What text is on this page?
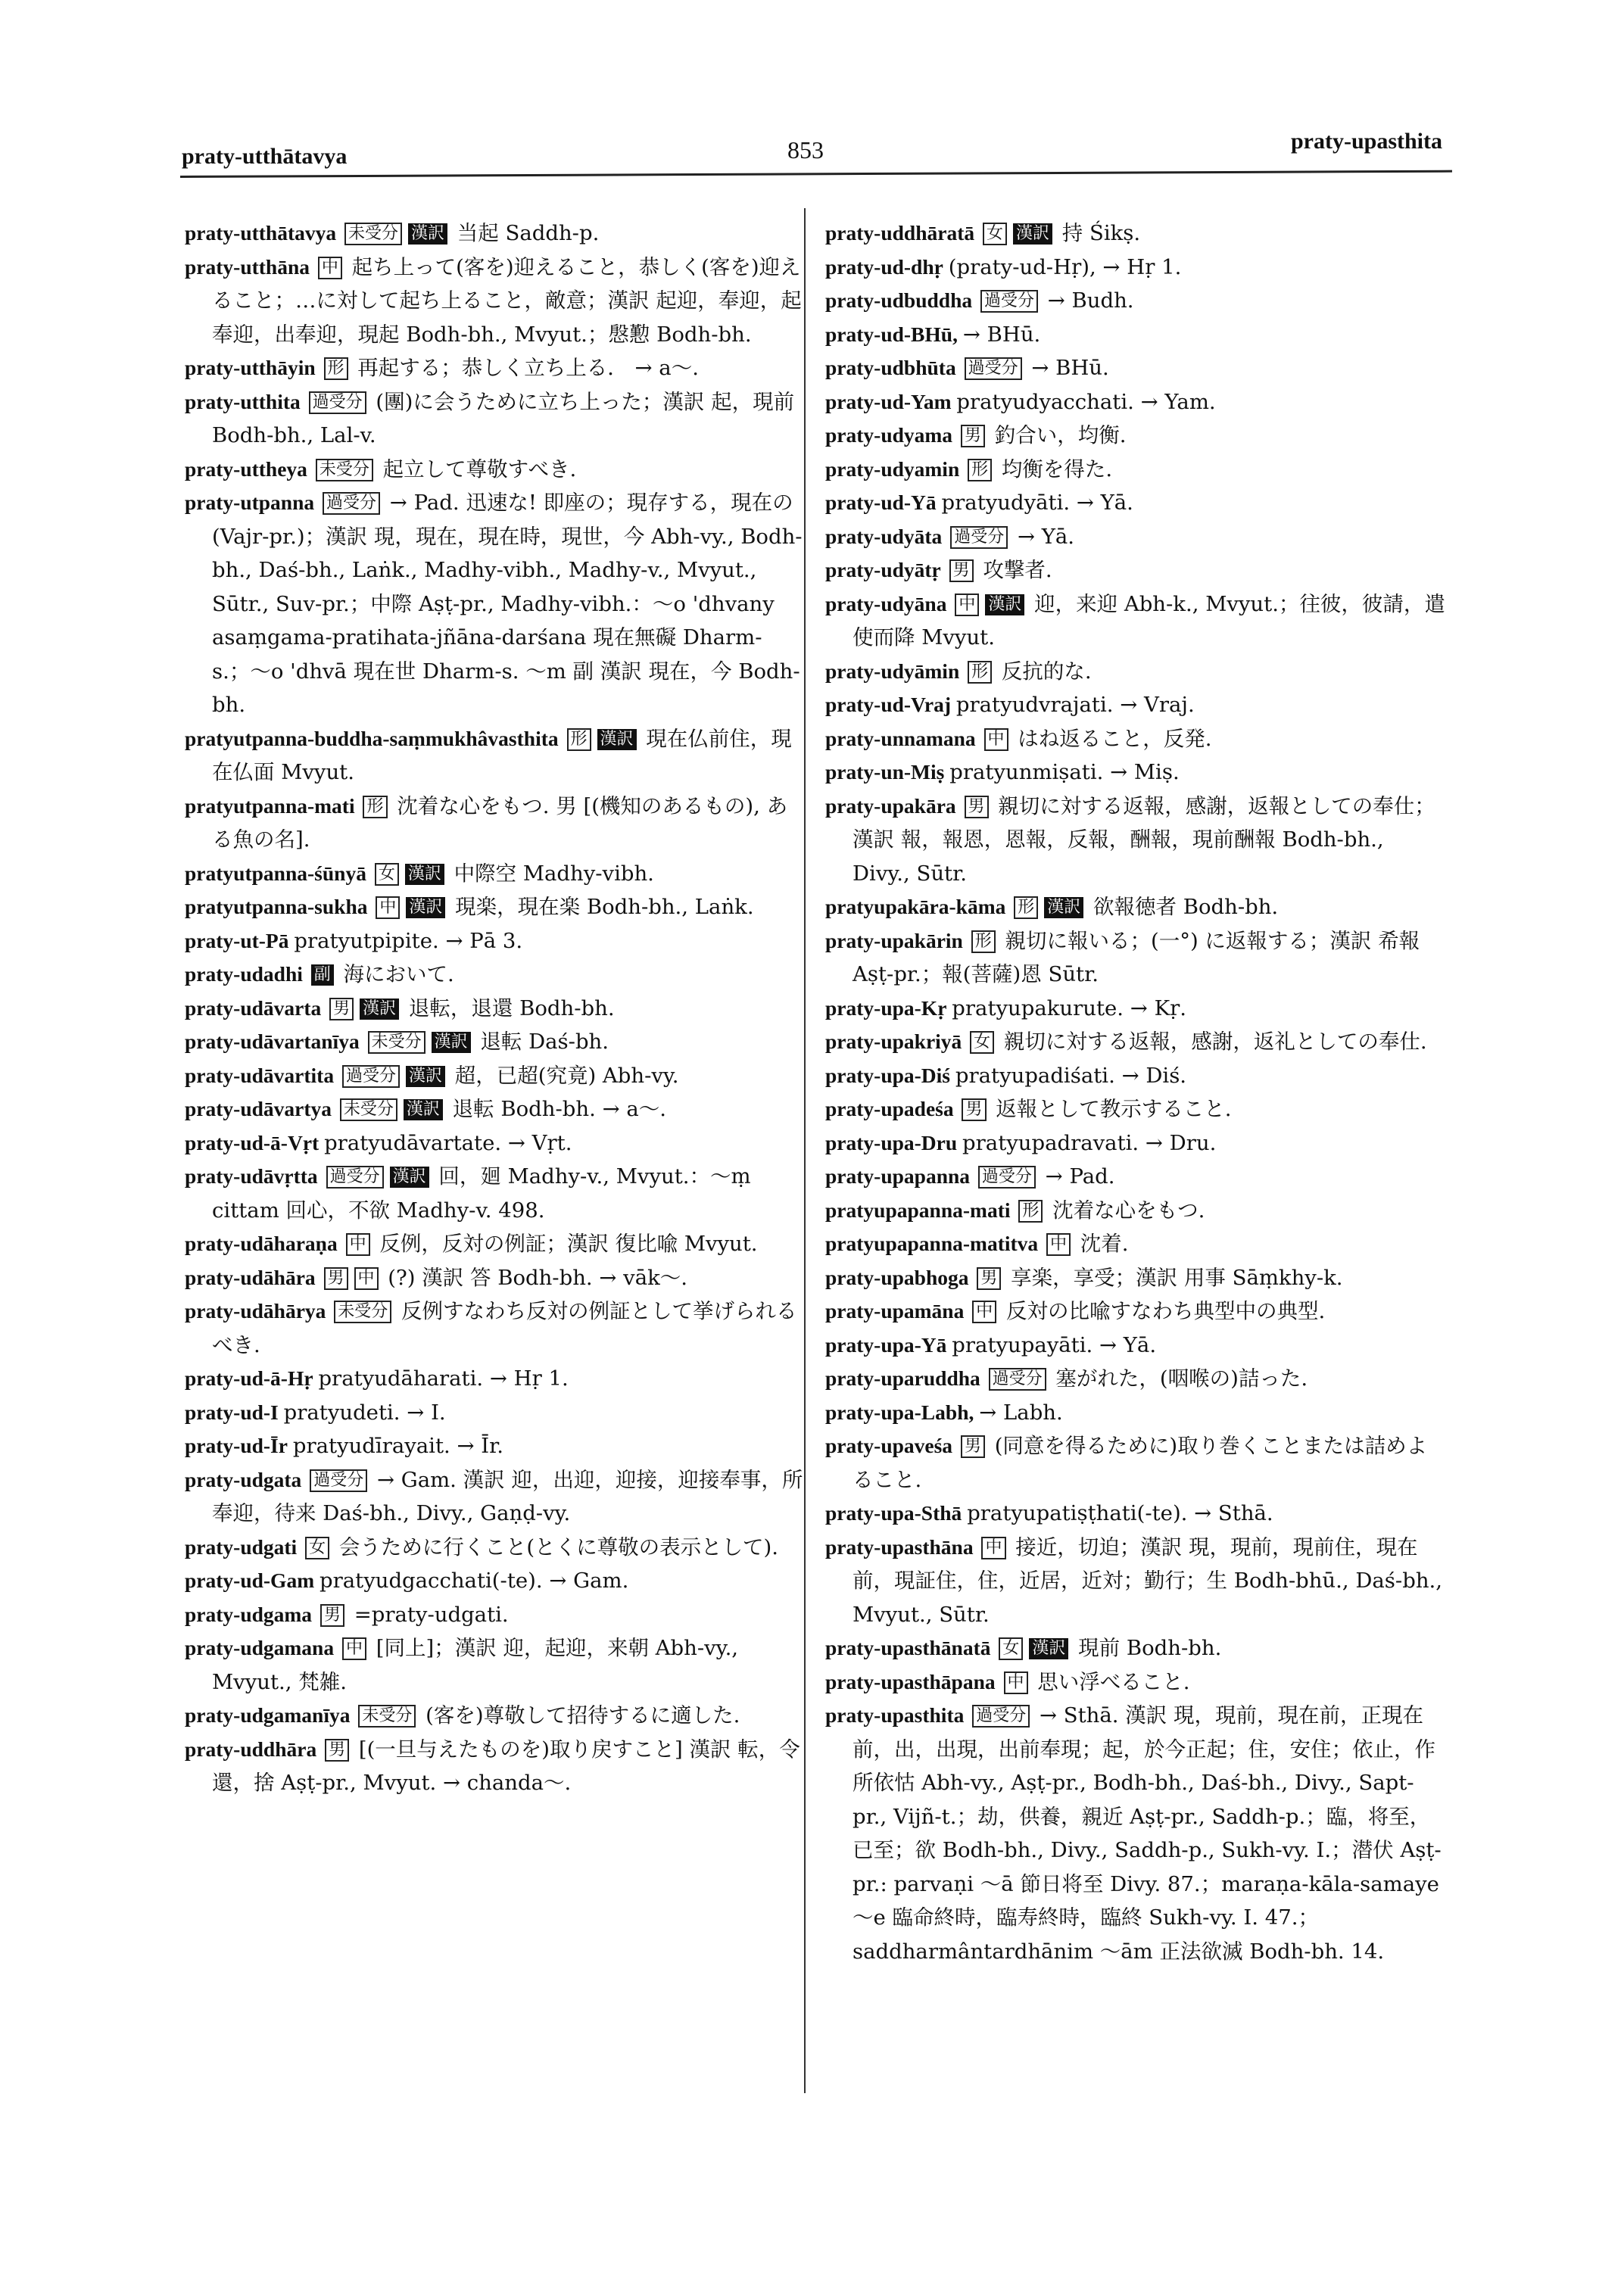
praty-utthātavya	853	praty-upasthita

praty-utthātavya 未受分 漢訳 当起 Saddh-p.

praty-utthāna 中 起ち上って(客を)迎えること，恭しく(客を)迎えること；…に対して起ち上ること，敵意；漢訳 起迎，奉迎，起奉迎，出奉迎，現起 Bodh-bh., Mvyut.；慇懃 Bodh-bh.

praty-utthāyin 形 再起する；恭しく立ち上る． → a〜.

praty-utthita 過受分 (團)に会うために立ち上った；漢訳 起，現前 Bodh-bh., Lal-v.

praty-uttheya 未受分 起立して尊敬すべき.

praty-utpanna 過受分 → Pad. 迅速な! 即座の；現存する，現在の (Vajr-pr.)；漢訳 現，現在，現在時，現世，今 Abh-vy., Bodh-bh., Daś-bh., Laṅk., Madhy-vibh., Madhy-v., Mvyut., Sūtr., Suv-pr.；中際 Aṣṭ-pr., Madhy-vibh.：〜o 'dhvany asaṃgama-pratihata-jñāna-darśana 現在無礙 Dharm-s.；〜o 'dhvā 現在世 Dharm-s. 〜m 副 漢訳 現在，今 Bodh-bh.

pratyutpanna-buddha-saṃmukhâvasthita 形 漢訳 現在仏前住，現在仏面 Mvyut.

pratyutpanna-mati 形 沈着な心をもつ. 男 [(機知のあるもの), ある魚の名].

pratyutpanna-śūnyā 女 漢訳 中際空 Madhy-vibh.

pratyutpanna-sukha 中 漢訳 現楽，現在楽 Bodh-bh., Laṅk.

praty-ut-Pā pratyutpipite. → Pā 3.

praty-udadhi 副 海において.

praty-udāvarta 男 漢訳 退転，退還 Bodh-bh.

praty-udāvartanīya 未受分 漢訳 退転 Daś-bh.

praty-udāvartita 過受分 漢訳 超，已超(究竟) Abh-vy.

praty-udāvartya 未受分 漢訳 退転 Bodh-bh. → a〜.

praty-ud-ā-Vṛt pratyudāvartate. → Vṛt.

praty-udāvṛtta 過受分 漢訳 回，廻 Madhy-v., Mvyut.：〜ṃ cittam 回心，不欲 Madhy-v. 498.

praty-udāharaṇa 中 反例，反対の例証；漢訳 復比喩 Mvyut.

praty-udāhāra 男 中 (?) 漢訳 答 Bodh-bh. → vāk〜.

praty-udāhārya 未受分 反例すなわち反対の例証として挙げられるべき.

praty-ud-ā-Hṛ pratyudāharati. → Hṛ 1.

praty-ud-I pratyudeti. → I.

praty-ud-Īr pratyudīrayait. → Īr.

praty-udgata 過受分 → Gam. 漢訳 迎，出迎，迎接，迎接奉事，所奉迎，待来 Daś-bh., Divy., Gaṇḍ-vy.

praty-udgati 女 会うために行くこと(とくに尊敬の表示として).

praty-ud-Gam pratyudgacchati(-te). → Gam.

praty-udgama 男 =praty-udgati.

praty-udgamana 中 [同上]；漢訳 迎，起迎，来朝 Abh-vy., Mvyut., 梵雑.

praty-udgamanīya 未受分 (客を)尊敬して招待するに適した.

praty-uddhāra 男 [(一旦与えたものを)取り戻すこと] 漢訳 転，令還，捨 Aṣṭ-pr., Mvyut. → chanda〜.

praty-uddhāratā 女 漢訳 持 Śikṣ.

praty-ud-dhṛ (praty-ud-Hṛ), → Hṛ 1.

praty-udbuddha 過受分 → Budh.

praty-ud-BHū, → BHū.

praty-udbhūta 過受分 → BHū.

praty-ud-Yam pratyudyacchati. → Yam.

praty-udyama 男 釣合い，均衡.

praty-udyamin 形 均衡を得た.

praty-ud-Yā pratyudyāti. → Yā.

praty-udyāta 過受分 → Yā.

praty-udyātṛ 男 攻撃者.

praty-udyāna 中 漢訳 迎，来迎 Abh-k., Mvyut.；往彼，彼請，遣使而降 Mvyut.

praty-udyāmin 形 反抗的な.

praty-ud-Vraj pratyudvrajati. → Vraj.

praty-unnamana 中 はね返ること，反発.

praty-un-Miṣ pratyunmiṣati. → Miṣ.

praty-upakāra 男 親切に対する返報，感謝，返報としての奉仕；漢訳 報，報恩，恩報，反報，酬報，現前酬報 Bodh-bh., Divy., Sūtr.

pratyupakāra-kāma 形 漢訳 欲報徳者 Bodh-bh.

praty-upakārin 形 親切に報いる；(一°) に返報する；漢訳 希報 Aṣṭ-pr.；報(菩薩)恩 Sūtr.

praty-upa-Kṛ pratyupakurute. → Kṛ.

praty-upakriyā 女 親切に対する返報，感謝，返礼としての奉仕.

praty-upa-Diś pratyupadiśati. → Diś.

praty-upadeśa 男 返報として教示すること.

praty-upa-Dru pratyupadravati. → Dru.

praty-upapanna 過受分 → Pad.

pratyupapanna-mati 形 沈着な心をもつ.

pratyupapanna-matitva 中 沈着.

praty-upabhoga 男 享楽，享受；漢訳 用事 Sāṃkhy-k.

praty-upamāna 中 反対の比喩すなわち典型中の典型.

praty-upa-Yā pratyupayāti. → Yā.

praty-uparuddha 過受分 塞がれた，(咽喉の)詰った.

praty-upa-Labh, → Labh.

praty-upaveśa 男 (同意を得るために)取り巻くことまたは詰めよること.

praty-upa-Sthā pratyupatiṣṭhati(-te). → Sthā.

praty-upasthāna 中 接近，切迫；漢訳 現，現前，現前住，現在前，現証住，住，近居，近対；勤行；生 Bodh-bhū., Daś-bh., Mvyut., Sūtr.

praty-upasthānatā 女 漢訳 現前 Bodh-bh.

praty-upasthāpana 中 思い浮べること.

praty-upasthita 過受分 → Sthā. 漢訳 現，現前，現在前，正現在前，出，出現，出前奉現；起，於今正起；住，安住；依止，作所依怙 Abh-vy., Aṣṭ-pr., Bodh-bh., Daś-bh., Divy., Sapt-pr., Vijñ-t.；劫，供養，親近 Aṣṭ-pr., Saddh-p.；臨，将至，已至；欲 Bodh-bh., Divy., Saddh-p., Sukh-vy. I.；潜伏 Aṣṭ-pr.: parvaṇi 〜ā 節日将至 Divy. 87.；maraṇa-kāla-samaye 〜e 臨命終時，臨寿終時，臨終 Sukh-vy. I. 47.；saddharmântardhānim 〜ām 正法欲滅 Bodh-bh. 14.
